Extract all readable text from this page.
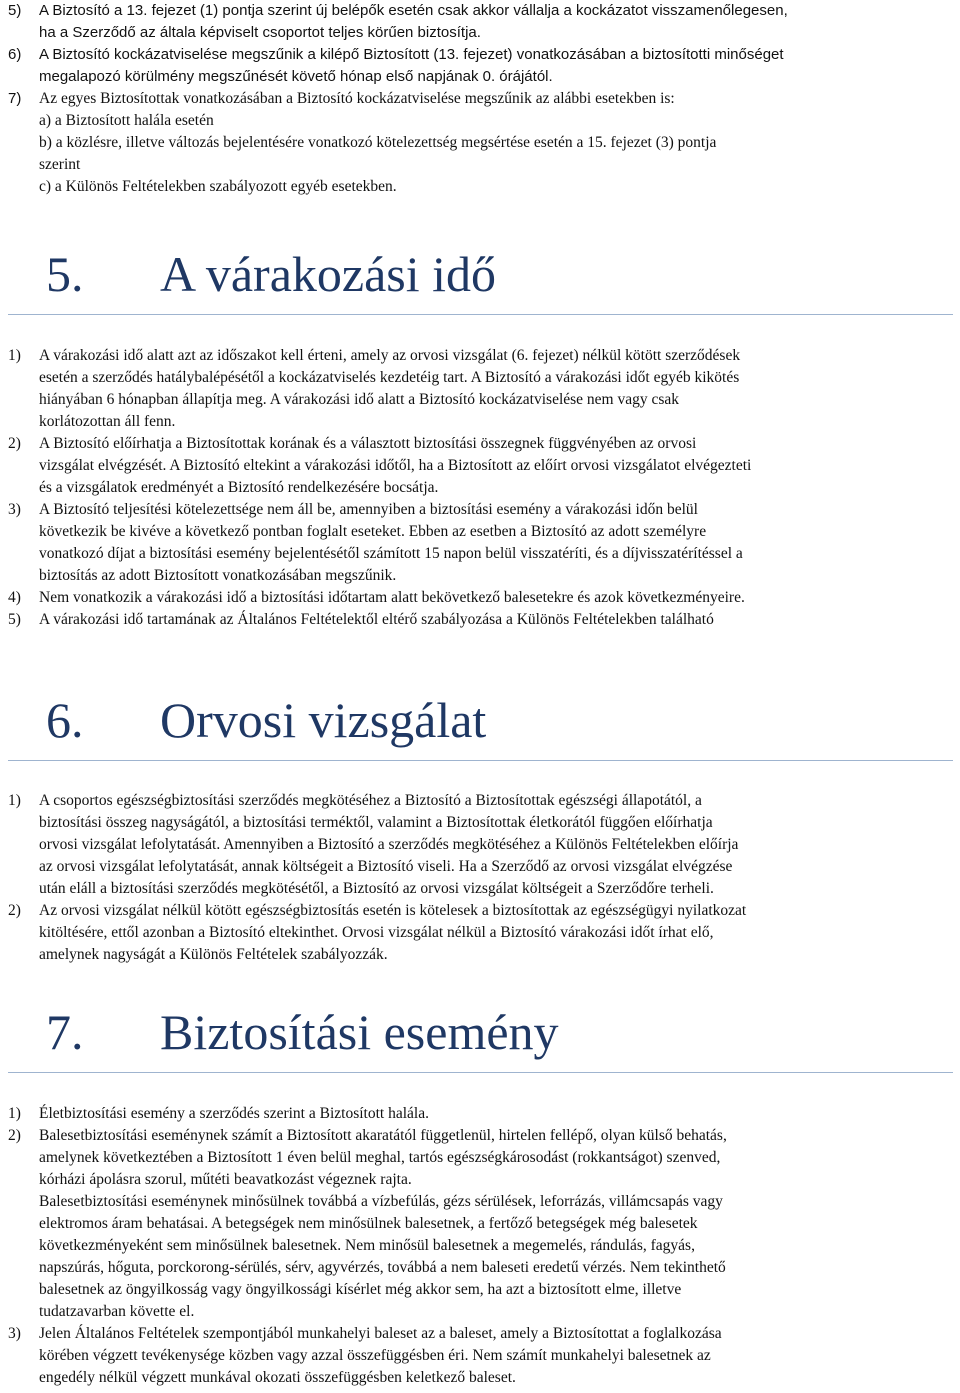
5) A Biztosító a 13. fejezet (1) pontja szerint új belépők esetén csak akkor vállalja a kockázatot visszamenőlegesen,
ha a Szerződő az általa képviselt csoportot teljes körűen biztosítja.
6) A Biztosító kockázatviselése megszűnik a kilépő Biztosított (13. fejezet) vonatkozásában a biztosítotti minőséget
megalapozó körülmény megszűnését követő hónap első napjának 0. órájától.
7) Az egyes Biztosítottak vonatkozásában a Biztosító kockázatviselése megszűnik az alábbi esetekben is:
a) a Biztosított halála esetén
b) a közlésre, illetve változás bejelentésére vonatkozó kötelezettség megsértése esetén a 15. fejezet (3) pontja
szerint
c) a Különös Feltételekben szabályozott egyéb esetekben.
5. A várakozási idő
1) A várakozási idő alatt azt az időszakot kell érteni, amely az orvosi vizsgálat (6. fejezet) nélkül kötött szerződések
esetén a szerződés hatálybalépésétől a kockázatviselés kezdetéig tart. A Biztosító a várakozási időt egyéb kikötés
hiányában 6 hónapban állapítja meg. A várakozási idő alatt a Biztosító kockázatviselése nem vagy csak
korlátozottan áll fenn.
2) A Biztosító előírhatja a Biztosítottak korának és a választott biztosítási összegnek függvényében az orvosi
vizsgálat elvégzését. A Biztosító eltekint a várakozási időtől, ha a Biztosított az előírt orvosi vizsgálatot elvégezteti
és a vizsgálatok eredményét a Biztosító rendelkezésére bocsátja.
3) A Biztosító teljesítési kötelezettsége nem áll be, amennyiben a biztosítási esemény a várakozási időn belül
következik be kivéve a következő pontban foglalt eseteket. Ebben az esetben a Biztosító az adott személyre
vonatkozó díjat a biztosítási esemény bejelentésétől számított 15 napon belül visszatéríti, és a díjvisszatérítéssel a
biztosítás az adott Biztosított vonatkozásában megszűnik.
4) Nem vonatkozik a várakozási idő a biztosítási időtartam alatt bekövetkező balesetekre és azok következményeire.
5) A várakozási idő tartamának az Általános Feltételektől eltérő szabályozása a Különös Feltételekben található
6. Orvosi vizsgálat
1) A csoportos egészségbiztosítási szerződés megkötéséhez a Biztosító a Biztosítottak egészségi állapotától, a
biztosítási összeg nagyságától, a biztosítási terméktől, valamint a Biztosítottak életkorától függően előírhatja
orvosi vizsgálat lefolytatását. Amennyiben a Biztosító a szerződés megkötéséhez a Különös Feltételekben előírja
az orvosi vizsgálat lefolytatását, annak költségeit a Biztosító viseli. Ha a Szerződő az orvosi vizsgálat elvégzése
után eláll a biztosítási szerződés megkötésétől, a Biztosító az orvosi vizsgálat költségeit a Szerződőre terheli.
2) Az orvosi vizsgálat nélkül kötött egészségbiztosítás esetén is kötelesek a biztosítottak az egészségügyi nyilatkozat
kitöltésére, ettől azonban a Biztosító eltekinthet. Orvosi vizsgálat nélkül a Biztosító várakozási időt írhat elő,
amelynek nagyságát a Különös Feltételek szabályozzák.
7. Biztosítási esemény
1) Életbiztosítási esemény a szerződés szerint a Biztosított halála.
2) Balesetbiztosítási eseménynek számít a Biztosított akaratától függetlenül, hirtelen fellépő, olyan külső behatás,
amelynek következtében a Biztosított 1 éven belül meghal, tartós egészségkárosodást (rokkantságot) szenved,
kórházi ápolásra szorul, műtéti beavatkozást végeznek rajta.
Balesetbiztosítási eseménynek minősülnek továbbá a vízbefúlás, gézs sérülések, leforrázás, villámcsapás vagy
elektromos áram behatásai. A betegségek nem minősülnek balesetnek, a fertőző betegségek még balesetek
következményeként sem minősülnek balesetnek. Nem minősül balesetnek a megemelés, rándulás, fagyás,
napszúrás, hőguta, porckorong-sérülés, sérv, agyvérzés, továbbá a nem baleseti eredetű vérzés. Nem tekinthető
balesetnek az öngyilkosság vagy öngyilkossági kísérlet még akkor sem, ha azt a biztosított elme, illetve
tudatzavarban követte el.
3) Jelen Általános Feltételek szempontjából munkahelyi baleset az a baleset, amely a Biztosítottat a foglalkozása
körében végzett tevékenysége közben vagy azzal összefüggésben éri. Nem számít munkahelyi balesetnek az
engedély nélkül végzett munkával okozati összefüggésben keletkező baleset.
